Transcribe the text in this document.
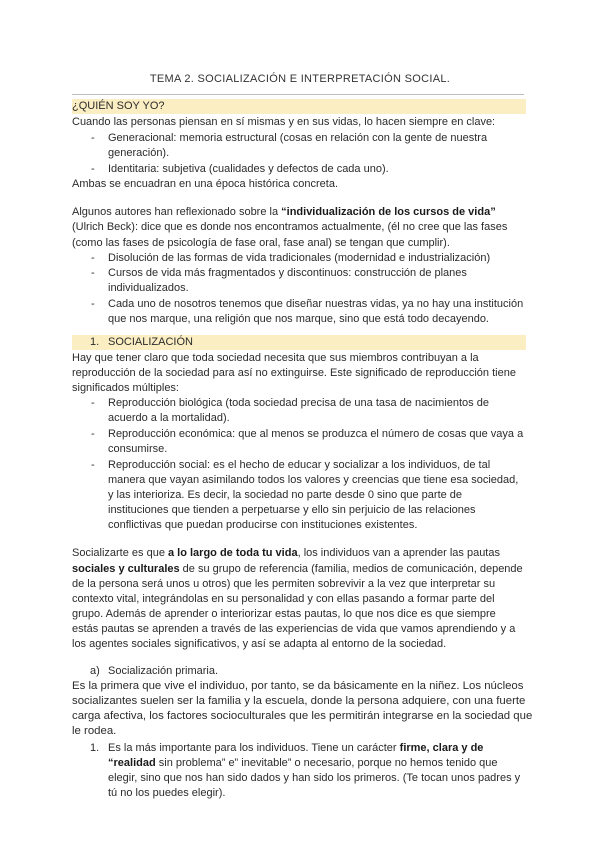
TEMA 2. SOCIALIZACIÓN E INTERPRETACIÓN SOCIAL.
¿QUIÉN SOY YO?
Cuando las personas piensan en sí mismas y en sus vidas, lo hacen siempre en clave:
- Generacional: memoria estructural (cosas en relación con la gente de nuestra
generación).
- Identitaria: subjetiva (cualidades y defectos de cada uno).
Ambas se encuadran en una época histórica concreta.
Algunos autores han reflexionado sobre la “individualización de los cursos de vida”
(Ulrich Beck): dice que es donde nos encontramos actualmente, (él no cree que las fases
(como las fases de psicología de fase oral, fase anal) se tengan que cumplir).
- Disolución de las formas de vida tradicionales (modernidad e industrialización)
- Cursos de vida más fragmentados y discontinuos: construcción de planes
individualizados.
- Cada uno de nosotros tenemos que diseñar nuestras vidas, ya no hay una institución
que nos marque, una religión que nos marque, sino que está todo decayendo.
1. SOCIALIZACIÓN
Hay que tener claro que toda sociedad necesita que sus miembros contribuyan a la
reproducción de la sociedad para así no extinguirse. Este significado de reproducción tiene
significados múltiples:
- Reproducción biológica (toda sociedad precisa de una tasa de nacimientos de
acuerdo a la mortalidad).
- Reproducción económica: que al menos se produzca el número de cosas que vaya a
consumirse.
- Reproducción social: es el hecho de educar y socializar a los individuos, de tal
manera que vayan asimilando todos los valores y creencias que tiene esa sociedad,
y las interioriza. Es decir, la sociedad no parte desde 0 sino que parte de
instituciones que tienden a perpetuarse y ello sin perjuicio de las relaciones
conflictivas que puedan producirse con instituciones existentes.
Socializarte es que a lo largo de toda tu vida, los individuos van a aprender las pautas
sociales y culturales de su grupo de referencia (familia, medios de comunicación, depende
de la persona será unos u otros) que les permiten sobrevivir a la vez que interpretar su
contexto vital, integrándolas en su personalidad y con ellas pasando a formar parte del
grupo. Además de aprender o interiorizar estas pautas, lo que nos dice es que siempre
estás pautas se aprenden a través de las experiencias de vida que vamos aprendiendo y a
los agentes sociales significativos, y así se adapta al entorno de la sociedad.
a) Socialización primaria.
Es la primera que vive el individuo, por tanto, se da básicamente en la niñez. Los núcleos
socializantes suelen ser la familia y la escuela, donde la persona adquiere, con una fuerte
carga afectiva, los factores socioculturales que les permitirán integrarse en la sociedad que
le rodea.
1. Es la más importante para los individuos. Tiene un carácter firme, clara y de
“realidad sin problema” e” inevitable” o necesario, porque no hemos tenido que
elegir, sino que nos han sido dados y han sido los primeros. (Te tocan unos padres y
tú no los puedes elegir).
